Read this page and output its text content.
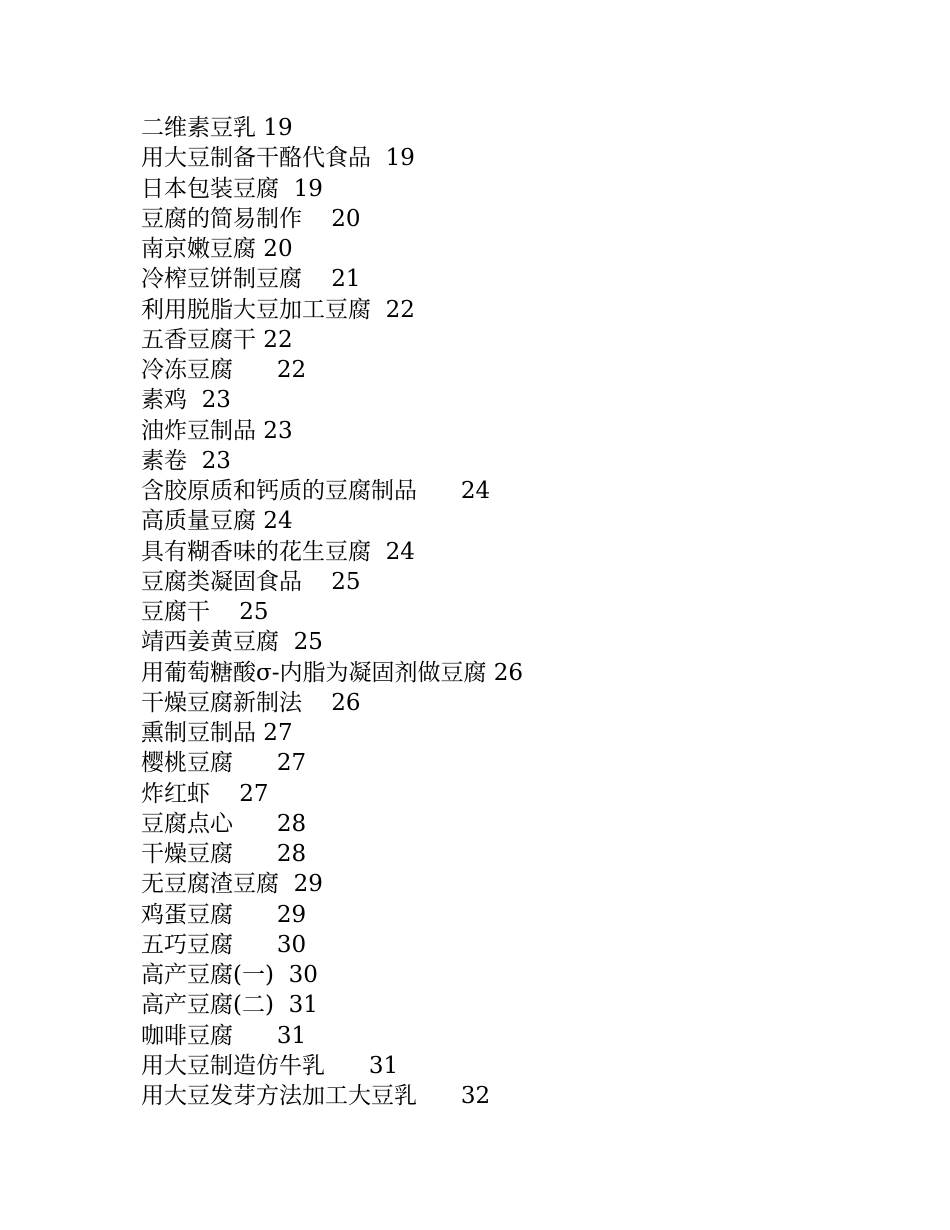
二维素豆乳 19
用大豆制备干酪代食品  19
日本包装豆腐  19
豆腐的简易制作    20
南京嫩豆腐 20
冷榨豆饼制豆腐    21
利用脱脂大豆加工豆腐  22
五香豆腐干 22
冷冻豆腐      22
素鸡  23
油炸豆制品 23
素卷  23
含胶原质和钙质的豆腐制品      24
高质量豆腐 24
具有糊香味的花生豆腐  24
豆腐类凝固食品    25
豆腐干    25
靖西姜黄豆腐  25
用葡萄糖酸σ-内脂为凝固剂做豆腐 26
干燥豆腐新制法    26
熏制豆制品 27
樱桃豆腐      27
炸红虾    27
豆腐点心      28
干燥豆腐      28
无豆腐渣豆腐  29
鸡蛋豆腐      29
五巧豆腐      30
高产豆腐(一)  30
高产豆腐(二)  31
咖啡豆腐      31
用大豆制造仿牛乳      31
用大豆发芽方法加工大豆乳      32
